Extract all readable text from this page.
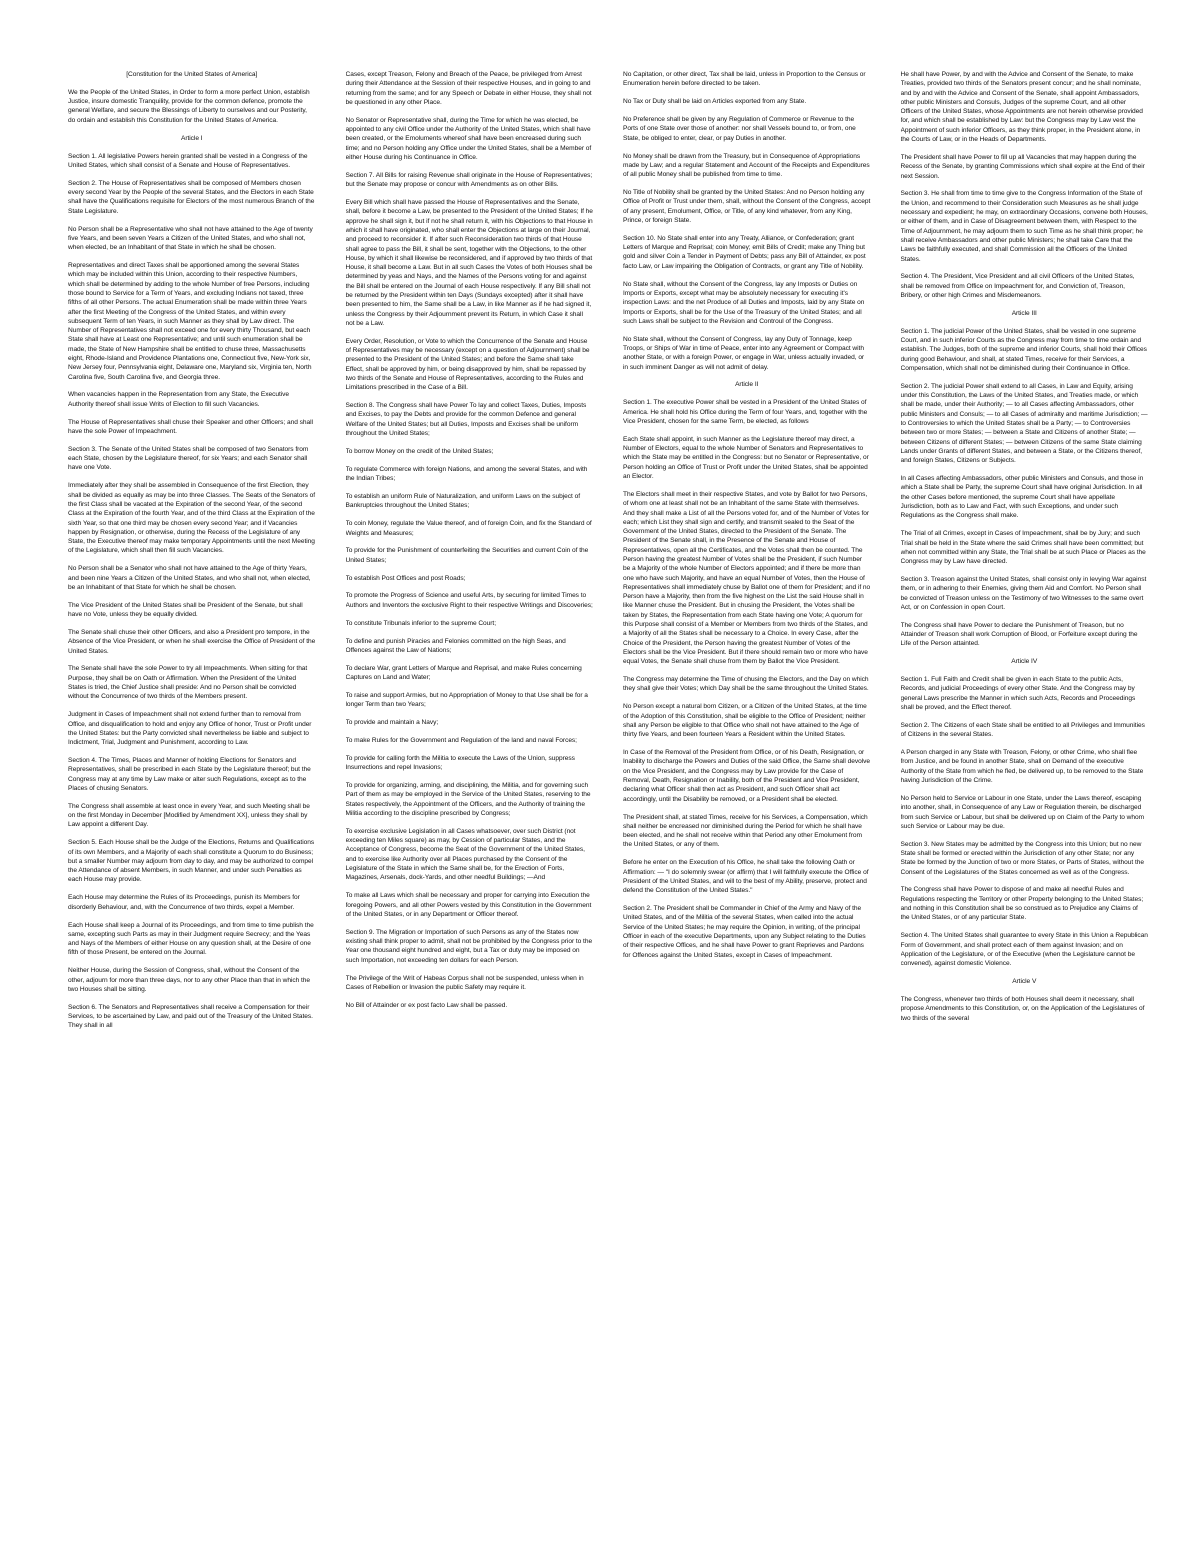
[Constitution for the United States of America]

We the People of the United States, in Order to form a more perfect Union, establish Justice, insure domestic Tranquility, provide for the common defence, promote the general Welfare, and secure the Blessings of Liberty to ourselves and our Posterity, do ordain and establish this Constitution for the United States of America.

Article I

Section 1. All legislative Powers herein granted shall be vested in a Congress of the United States, which shall consist of a Senate and House of Representatives.

Section 2. The House of Representatives shall be composed of Members chosen every second Year by the People of the several States, and the Electors in each State shall have the Qualifications requisite for Electors of the most numerous Branch of the State Legislature.

No Person shall be a Representative who shall not have attained to the Age of twenty five Years, and been seven Years a Citizen of the United States, and who shall not, when elected, be an Inhabitant of that State in which he shall be chosen.

Representatives and direct Taxes shall be apportioned among the several States which may be included within this Union, according to their respective Numbers, which shall be determined by adding to the whole Number of free Persons, including those bound to Service for a Term of Years, and excluding Indians not taxed, three fifths of all other Persons. The actual Enumeration shall be made within three Years after the first Meeting of the Congress of the United States, and within every subsequent Term of ten Years, in such Manner as they shall by Law direct. The Number of Representatives shall not exceed one for every thirty Thousand, but each State shall have at Least one Representative; and until such enumeration shall be made, the State of New Hampshire shall be entitled to chuse three, Massachusetts eight, Rhode-Island and Providence Plantations one, Connecticut five, New-York six, New Jersey four, Pennsylvania eight, Delaware one, Maryland six, Virginia ten, North Carolina five, South Carolina five, and Georgia three.

When vacancies happen in the Representation from any State, the Executive Authority thereof shall issue Writs of Election to fill such Vacancies.

The House of Representatives shall chuse their Speaker and other Officers; and shall have the sole Power of Impeachment.

Section 3. The Senate of the United States shall be composed of two Senators from each State, chosen by the Legislature thereof, for six Years; and each Senator shall have one Vote.

Immediately after they shall be assembled in Consequence of the first Election, they shall be divided as equally as may be into three Classes. The Seats of the Senators of the first Class shall be vacated at the Expiration of the second Year, of the second Class at the Expiration of the fourth Year, and of the third Class at the Expiration of the sixth Year, so that one third may be chosen every second Year; and if Vacancies happen by Resignation, or otherwise, during the Recess of the Legislature of any State, the Executive thereof may make temporary Appointments until the next Meeting of the Legislature, which shall then fill such Vacancies.

No Person shall be a Senator who shall not have attained to the Age of thirty Years, and been nine Years a Citizen of the United States, and who shall not, when elected, be an Inhabitant of that State for which he shall be chosen.

The Vice President of the United States shall be President of the Senate, but shall have no Vote, unless they be equally divided.

The Senate shall chuse their other Officers, and also a President pro tempore, in the Absence of the Vice President, or when he shall exercise the Office of President of the United States.

The Senate shall have the sole Power to try all Impeachments. When sitting for that Purpose, they shall be on Oath or Affirmation. When the President of the United States is tried, the Chief Justice shall preside: And no Person shall be convicted without the Concurrence of two thirds of the Members present.

Judgment in Cases of Impeachment shall not extend further than to removal from Office, and disqualification to hold and enjoy any Office of honor, Trust or Profit under the United States: but the Party convicted shall nevertheless be liable and subject to Indictment, Trial, Judgment and Punishment, according to Law.

Section 4. The Times, Places and Manner of holding Elections for Senators and Representatives, shall be prescribed in each State by the Legislature thereof; but the Congress may at any time by Law make or alter such Regulations, except as to the Places of chusing Senators.

The Congress shall assemble at least once in every Year, and such Meeting shall be on the first Monday in December [Modified by Amendment XX], unless they shall by Law appoint a different Day.

Section 5. Each House shall be the Judge of the Elections, Returns and Qualifications of its own Members, and a Majority of each shall constitute a Quorum to do Business; but a smaller Number may adjourn from day to day, and may be authorized to compel the Attendance of absent Members, in such Manner, and under such Penalties as each House may provide.

Each House may determine the Rules of its Proceedings, punish its Members for disorderly Behaviour, and, with the Concurrence of two thirds, expel a Member.

Each House shall keep a Journal of its Proceedings, and from time to time publish the same, excepting such Parts as may in their Judgment require Secrecy; and the Yeas and Nays of the Members of either House on any question shall, at the Desire of one fifth of those Present, be entered on the Journal.

Neither House, during the Session of Congress, shall, without the Consent of the other, adjourn for more than three days, nor to any other Place than that in which the two Houses shall be sitting.

Section 6. The Senators and Representatives shall receive a Compensation for their Services, to be ascertained by Law, and paid out of the Treasury of the United States. They shall in all

Cases, except Treason, Felony and Breach of the Peace, be privileged from Arrest during their Attendance at the Session of their respective Houses, and in going to and returning from the same; and for any Speech or Debate in either House, they shall not be questioned in any other Place.

No Senator or Representative shall, during the Time for which he was elected, be appointed to any civil Office under the Authority of the United States, which shall have been created, or the Emoluments whereof shall have been encreased during such time; and no Person holding any Office under the United States, shall be a Member of either House during his Continuance in Office.

Section 7. All Bills for raising Revenue shall originate in the House of Representatives; but the Senate may propose or concur with Amendments as on other Bills.

Every Bill which shall have passed the House of Representatives and the Senate, shall, before it become a Law, be presented to the President of the United States; If he approve he shall sign it, but if not he shall return it, with his Objections to that House in which it shall have originated, who shall enter the Objections at large on their Journal, and proceed to reconsider it. If after such Reconsideration two thirds of that House shall agree to pass the Bill, it shall be sent, together with the Objections, to the other House, by which it shall likewise be reconsidered, and if approved by two thirds of that House, it shall become a Law. But in all such Cases the Votes of both Houses shall be determined by yeas and Nays, and the Names of the Persons voting for and against the Bill shall be entered on the Journal of each House respectively. If any Bill shall not be returned by the President within ten Days (Sundays excepted) after it shall have been presented to him, the Same shall be a Law, in like Manner as if he had signed it, unless the Congress by their Adjournment prevent its Return, in which Case it shall not be a Law.

Every Order, Resolution, or Vote to which the Concurrence of the Senate and House of Representatives may be necessary (except on a question of Adjournment) shall be presented to the President of the United States; and before the Same shall take Effect, shall be approved by him, or being disapproved by him, shall be repassed by two thirds of the Senate and House of Representatives, according to the Rules and Limitations prescribed in the Case of a Bill.

Section 8. The Congress shall have Power To lay and collect Taxes, Duties, Imposts and Excises, to pay the Debts and provide for the common Defence and general Welfare of the United States; but all Duties, Imposts and Excises shall be uniform throughout the United States;

To borrow Money on the credit of the United States;

To regulate Commerce with foreign Nations, and among the several States, and with the Indian Tribes;

To establish an uniform Rule of Naturalization, and uniform Laws on the subject of Bankruptcies throughout the United States;

To coin Money, regulate the Value thereof, and of foreign Coin, and fix the Standard of Weights and Measures;

To provide for the Punishment of counterfeiting the Securities and current Coin of the United States;

To establish Post Offices and post Roads;

To promote the Progress of Science and useful Arts, by securing for limited Times to Authors and Inventors the exclusive Right to their respective Writings and Discoveries;

To constitute Tribunals inferior to the supreme Court;

To define and punish Piracies and Felonies committed on the high Seas, and Offences against the Law of Nations;

To declare War, grant Letters of Marque and Reprisal, and make Rules concerning Captures on Land and Water;

To raise and support Armies, but no Appropriation of Money to that Use shall be for a longer Term than two Years;

To provide and maintain a Navy;

To make Rules for the Government and Regulation of the land and naval Forces;

To provide for calling forth the Militia to execute the Laws of the Union, suppress Insurrections and repel Invasions;

To provide for organizing, arming, and disciplining, the Militia, and for governing such Part of them as may be employed in the Service of the United States, reserving to the States respectively, the Appointment of the Officers, and the Authority of training the Militia according to the discipline prescribed by Congress;

To exercise exclusive Legislation in all Cases whatsoever, over such District (not exceeding ten Miles square) as may, by Cession of particular States, and the Acceptance of Congress, become the Seat of the Government of the United States, and to exercise like Authority over all Places purchased by the Consent of the Legislature of the State in which the Same shall be, for the Erection of Forts, Magazines, Arsenals, dock-Yards, and other needful Buildings; —And

To make all Laws which shall be necessary and proper for carrying into Execution the foregoing Powers, and all other Powers vested by this Constitution in the Government of the United States, or in any Department or Officer thereof.

Section 9. The Migration or Importation of such Persons as any of the States now existing shall think proper to admit, shall not be prohibited by the Congress prior to the Year one thousand eight hundred and eight, but a Tax or duty may be imposed on such Importation, not exceeding ten dollars for each Person.

The Privilege of the Writ of Habeas Corpus shall not be suspended, unless when in Cases of Rebellion or Invasion the public Safety may require it.

No Bill of Attainder or ex post facto Law shall be passed.

No Capitation, or other direct, Tax shall be laid, unless in Proportion to the Census or Enumeration herein before directed to be taken.

No Tax or Duty shall be laid on Articles exported from any State.

No Preference shall be given by any Regulation of Commerce or Revenue to the Ports of one State over those of another: nor shall Vessels bound to, or from, one State, be obliged to enter, clear, or pay Duties in another.

No Money shall be drawn from the Treasury, but in Consequence of Appropriations made by Law; and a regular Statement and Account of the Receipts and Expenditures of all public Money shall be published from time to time.

No Title of Nobility shall be granted by the United States: And no Person holding any Office of Profit or Trust under them, shall, without the Consent of the Congress, accept of any present, Emolument, Office, or Title, of any kind whatever, from any King, Prince, or foreign State.

Section 10. No State shall enter into any Treaty, Alliance, or Confederation; grant Letters of Marque and Reprisal; coin Money; emit Bills of Credit; make any Thing but gold and silver Coin a Tender in Payment of Debts; pass any Bill of Attainder, ex post facto Law, or Law impairing the Obligation of Contracts, or grant any Title of Nobility.

No State shall, without the Consent of the Congress, lay any Imposts or Duties on Imports or Exports, except what may be absolutely necessary for executing it's inspection Laws: and the net Produce of all Duties and Imposts, laid by any State on Imports or Exports, shall be for the Use of the Treasury of the United States; and all such Laws shall be subject to the Revision and Controul of the Congress.

No State shall, without the Consent of Congress, lay any Duty of Tonnage, keep Troops, or Ships of War in time of Peace, enter into any Agreement or Compact with another State, or with a foreign Power, or engage in War, unless actually invaded, or in such imminent Danger as will not admit of delay.

Article II

Section 1. The executive Power shall be vested in a President of the United States of America. He shall hold his Office during the Term of four Years, and, together with the Vice President, chosen for the same Term, be elected, as follows

Each State shall appoint, in such Manner as the Legislature thereof may direct, a Number of Electors, equal to the whole Number of Senators and Representatives to which the State may be entitled in the Congress: but no Senator or Representative, or Person holding an Office of Trust or Profit under the United States, shall be appointed an Elector.

The Electors shall meet in their respective States, and vote by Ballot for two Persons, of whom one at least shall not be an Inhabitant of the same State with themselves. And they shall make a List of all the Persons voted for, and of the Number of Votes for each; which List they shall sign and certify, and transmit sealed to the Seat of the Government of the United States, directed to the President of the Senate. The President of the Senate shall, in the Presence of the Senate and House of Representatives, open all the Certificates, and the Votes shall then be counted. The Person having the greatest Number of Votes shall be the President, if such Number be a Majority of the whole Number of Electors appointed; and if there be more than one who have such Majority, and have an equal Number of Votes, then the House of Representatives shall immediately chuse by Ballot one of them for President; and if no Person have a Majority, then from the five highest on the List the said House shall in like Manner chuse the President. But in chusing the President, the Votes shall be taken by States, the Representation from each State having one Vote; A quorum for this Purpose shall consist of a Member or Members from two thirds of the States, and a Majority of all the States shall be necessary to a Choice. In every Case, after the Choice of the President, the Person having the greatest Number of Votes of the Electors shall be the Vice President. But if there should remain two or more who have equal Votes, the Senate shall chuse from them by Ballot the Vice President.

The Congress may determine the Time of chusing the Electors, and the Day on which they shall give their Votes; which Day shall be the same throughout the United States.

No Person except a natural born Citizen, or a Citizen of the United States, at the time of the Adoption of this Constitution, shall be eligible to the Office of President; neither shall any Person be eligible to that Office who shall not have attained to the Age of thirty five Years, and been fourteen Years a Resident within the United States.

In Case of the Removal of the President from Office, or of his Death, Resignation, or Inability to discharge the Powers and Duties of the said Office, the Same shall devolve on the Vice President, and the Congress may by Law provide for the Case of Removal, Death, Resignation or Inability, both of the President and Vice President, declaring what Officer shall then act as President, and such Officer shall act accordingly, until the Disability be removed, or a President shall be elected.

The President shall, at stated Times, receive for his Services, a Compensation, which shall neither be encreased nor diminished during the Period for which he shall have been elected, and he shall not receive within that Period any other Emolument from the United States, or any of them.

Before he enter on the Execution of his Office, he shall take the following Oath or Affirmation: — "I do solemnly swear (or affirm) that I will faithfully execute the Office of President of the United States, and will to the best of my Ability, preserve, protect and defend the Constitution of the United States."

Section 2. The President shall be Commander in Chief of the Army and Navy of the United States, and of the Militia of the several States, when called into the actual Service of the United States; he may require the Opinion, in writing, of the principal Officer in each of the executive Departments, upon any Subject relating to the Duties of their respective Offices, and he shall have Power to grant Reprieves and Pardons for Offences against the United States, except in Cases of Impeachment.

He shall have Power, by and with the Advice and Consent of the Senate, to make Treaties, provided two thirds of the Senators present concur; and he shall nominate, and by and with the Advice and Consent of the Senate, shall appoint Ambassadors, other public Ministers and Consuls, Judges of the supreme Court, and all other Officers of the United States, whose Appointments are not herein otherwise provided for, and which shall be established by Law: but the Congress may by Law vest the Appointment of such inferior Officers, as they think proper, in the President alone, in the Courts of Law, or in the Heads of Departments.

The President shall have Power to fill up all Vacancies that may happen during the Recess of the Senate, by granting Commissions which shall expire at the End of their next Session.

Section 3. He shall from time to time give to the Congress Information of the State of the Union, and recommend to their Consideration such Measures as he shall judge necessary and expedient; he may, on extraordinary Occasions, convene both Houses, or either of them, and in Case of Disagreement between them, with Respect to the Time of Adjournment, he may adjourn them to such Time as he shall think proper; he shall receive Ambassadors and other public Ministers; he shall take Care that the Laws be faithfully executed, and shall Commission all the Officers of the United States.

Section 4. The President, Vice President and all civil Officers of the United States, shall be removed from Office on Impeachment for, and Conviction of, Treason, Bribery, or other high Crimes and Misdemeanors.

Article III

Section 1. The judicial Power of the United States, shall be vested in one supreme Court, and in such inferior Courts as the Congress may from time to time ordain and establish. The Judges, both of the supreme and inferior Courts, shall hold their Offices during good Behaviour, and shall, at stated Times, receive for their Services, a Compensation, which shall not be diminished during their Continuance in Office.

Section 2. The judicial Power shall extend to all Cases, in Law and Equity, arising under this Constitution, the Laws of the United States, and Treaties made, or which shall be made, under their Authority; — to all Cases affecting Ambassadors, other public Ministers and Consuls; — to all Cases of admiralty and maritime Jurisdiction; — to Controversies to which the United States shall be a Party; — to Controversies between two or more States; — between a State and Citizens of another State; — between Citizens of different States; — between Citizens of the same State claiming Lands under Grants of different States, and between a State, or the Citizens thereof, and foreign States, Citizens or Subjects.

In all Cases affecting Ambassadors, other public Ministers and Consuls, and those in which a State shall be Party, the supreme Court shall have original Jurisdiction. In all the other Cases before mentioned, the supreme Court shall have appellate Jurisdiction, both as to Law and Fact, with such Exceptions, and under such Regulations as the Congress shall make.

The Trial of all Crimes, except in Cases of Impeachment, shall be by Jury; and such Trial shall be held in the State where the said Crimes shall have been committed; but when not committed within any State, the Trial shall be at such Place or Places as the Congress may by Law have directed.

Section 3. Treason against the United States, shall consist only in levying War against them, or in adhering to their Enemies, giving them Aid and Comfort. No Person shall be convicted of Treason unless on the Testimony of two Witnesses to the same overt Act, or on Confession in open Court.

The Congress shall have Power to declare the Punishment of Treason, but no Attainder of Treason shall work Corruption of Blood, or Forfeiture except during the Life of the Person attainted.

Article IV

Section 1. Full Faith and Credit shall be given in each State to the public Acts, Records, and judicial Proceedings of every other State. And the Congress may by general Laws prescribe the Manner in which such Acts, Records and Proceedings shall be proved, and the Effect thereof.

Section 2. The Citizens of each State shall be entitled to all Privileges and Immunities of Citizens in the several States.

A Person charged in any State with Treason, Felony, or other Crime, who shall flee from Justice, and be found in another State, shall on Demand of the executive Authority of the State from which he fled, be delivered up, to be removed to the State having Jurisdiction of the Crime.

No Person held to Service or Labour in one State, under the Laws thereof, escaping into another, shall, in Consequence of any Law or Regulation therein, be discharged from such Service or Labour, but shall be delivered up on Claim of the Party to whom such Service or Labour may be due.

Section 3. New States may be admitted by the Congress into this Union; but no new State shall be formed or erected within the Jurisdiction of any other State; nor any State be formed by the Junction of two or more States, or Parts of States, without the Consent of the Legislatures of the States concerned as well as of the Congress.

The Congress shall have Power to dispose of and make all needful Rules and Regulations respecting the Territory or other Property belonging to the United States; and nothing in this Constitution shall be so construed as to Prejudice any Claims of the United States, or of any particular State.

Section 4. The United States shall guarantee to every State in this Union a Republican Form of Government, and shall protect each of them against Invasion; and on Application of the Legislature, or of the Executive (when the Legislature cannot be convened), against domestic Violence.

Article V

The Congress, whenever two thirds of both Houses shall deem it necessary, shall propose Amendments to this Constitution, or, on the Application of the Legislatures of two thirds of the several
